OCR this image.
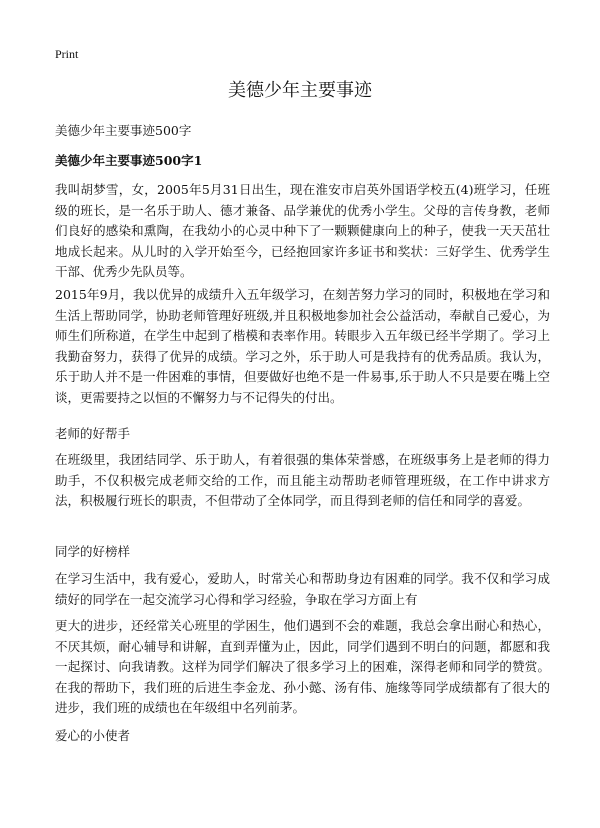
Print
美德少年主要事迹
美德少年主要事迹500字
美德少年主要事迹500字1

我叫胡梦雪，女，2005年5月31日出生，现在淮安市启英外国语学校五(4)班学习，任班级的班长，是一名乐于助人、德才兼备、品学兼优的优秀小学生。父母的言传身教，老师们良好的感染和熏陶，在我幼小的心灵中种下了一颗颗健康向上的种子，使我一天天茁壮地成长起来。从儿时的入学开始至今，已经抱回家许多证书和奖状：三好学生、优秀学生干部、优秀少先队员等。

2015年9月，我以优异的成绩升入五年级学习，在刻苦努力学习的同时，积极地在学习和生活上帮助同学，协助老师管理好班级,并且积极地参加社会公益活动，奉献自己爱心，为师生们所称道，在学生中起到了楷模和表率作用。转眼步入五年级已经半学期了。学习上我勤奋努力，获得了优异的成绩。学习之外，乐于助人可是我持有的优秀品质。我认为，乐于助人并不是一件困难的事情，但要做好也绝不是一件易事,乐于助人不只是要在嘴上空谈，更需要持之以恒的不懈努力与不记得失的付出。

老师的好帮手

在班级里，我团结同学、乐于助人，有着很强的集体荣誉感，在班级事务上是老师的得力助手，不仅积极完成老师交给的工作，而且能主动帮助老师管理班级，在工作中讲求方法，积极履行班长的职责，不但带动了全体同学，而且得到老师的信任和同学的喜爱。

同学的好榜样

在学习生活中，我有爱心，爱助人，时常关心和帮助身边有困难的同学。我不仅和学习成绩好的同学在一起交流学习心得和学习经验，争取在学习方面上有

更大的进步，还经常关心班里的学困生，他们遇到不会的难题，我总会拿出耐心和热心，不厌其烦，耐心辅导和讲解，直到弄懂为止，因此，同学们遇到不明白的问题，都愿和我一起探讨、向我请教。这样为同学们解决了很多学习上的困难，深得老师和同学的赞赏。在我的帮助下，我们班的后进生李金龙、孙小懿、汤有伟、施缘等同学成绩都有了很大的进步，我们班的成绩也在年级组中名列前茅。

爱心的小使者
